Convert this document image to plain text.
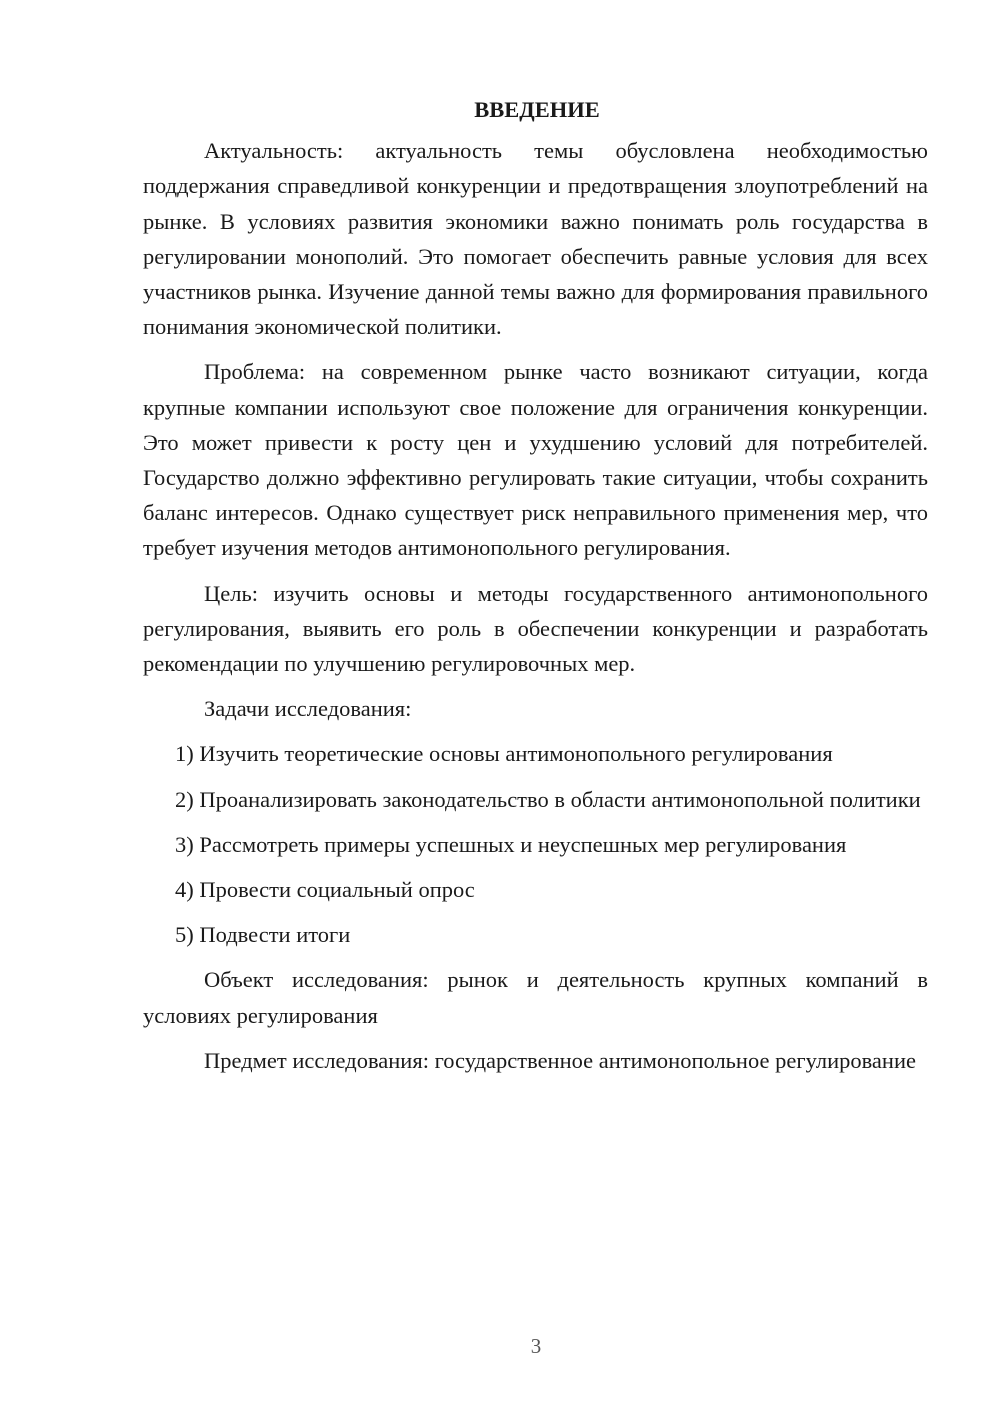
ВВЕДЕНИЕ

Актуальность: актуальность темы обусловлена необходимостью поддержания справедливой конкуренции и предотвращения злоупотреблений на рынке. В условиях развития экономики важно понимать роль государства в регулировании монополий. Это помогает обеспечить равные условия для всех участников рынка. Изучение данной темы важно для формирования правильного понимания экономической политики.

Проблема: на современном рынке часто возникают ситуации, когда крупные компании используют свое положение для ограничения конкуренции. Это может привести к росту цен и ухудшению условий для потребителей. Государство должно эффективно регулировать такие ситуации, чтобы сохранить баланс интересов. Однако существует риск неправильного применения мер, что требует изучения методов антимонопольного регулирования.

Цель: изучить основы и методы государственного антимонопольного регулирования, выявить его роль в обеспечении конкуренции и разработать рекомендации по улучшению регулировочных мер.

Задачи исследования:

1) Изучить теоретические основы антимонопольного регулирования

2) Проанализировать законодательство в области антимонопольной политики

3) Рассмотреть примеры успешных и неуспешных мер регулирования

4) Провести социальный опрос

5) Подвести итоги

Объект исследования: рынок и деятельность крупных компаний в условиях регулирования

Предмет исследования: государственное антимонопольное регулирование

3
